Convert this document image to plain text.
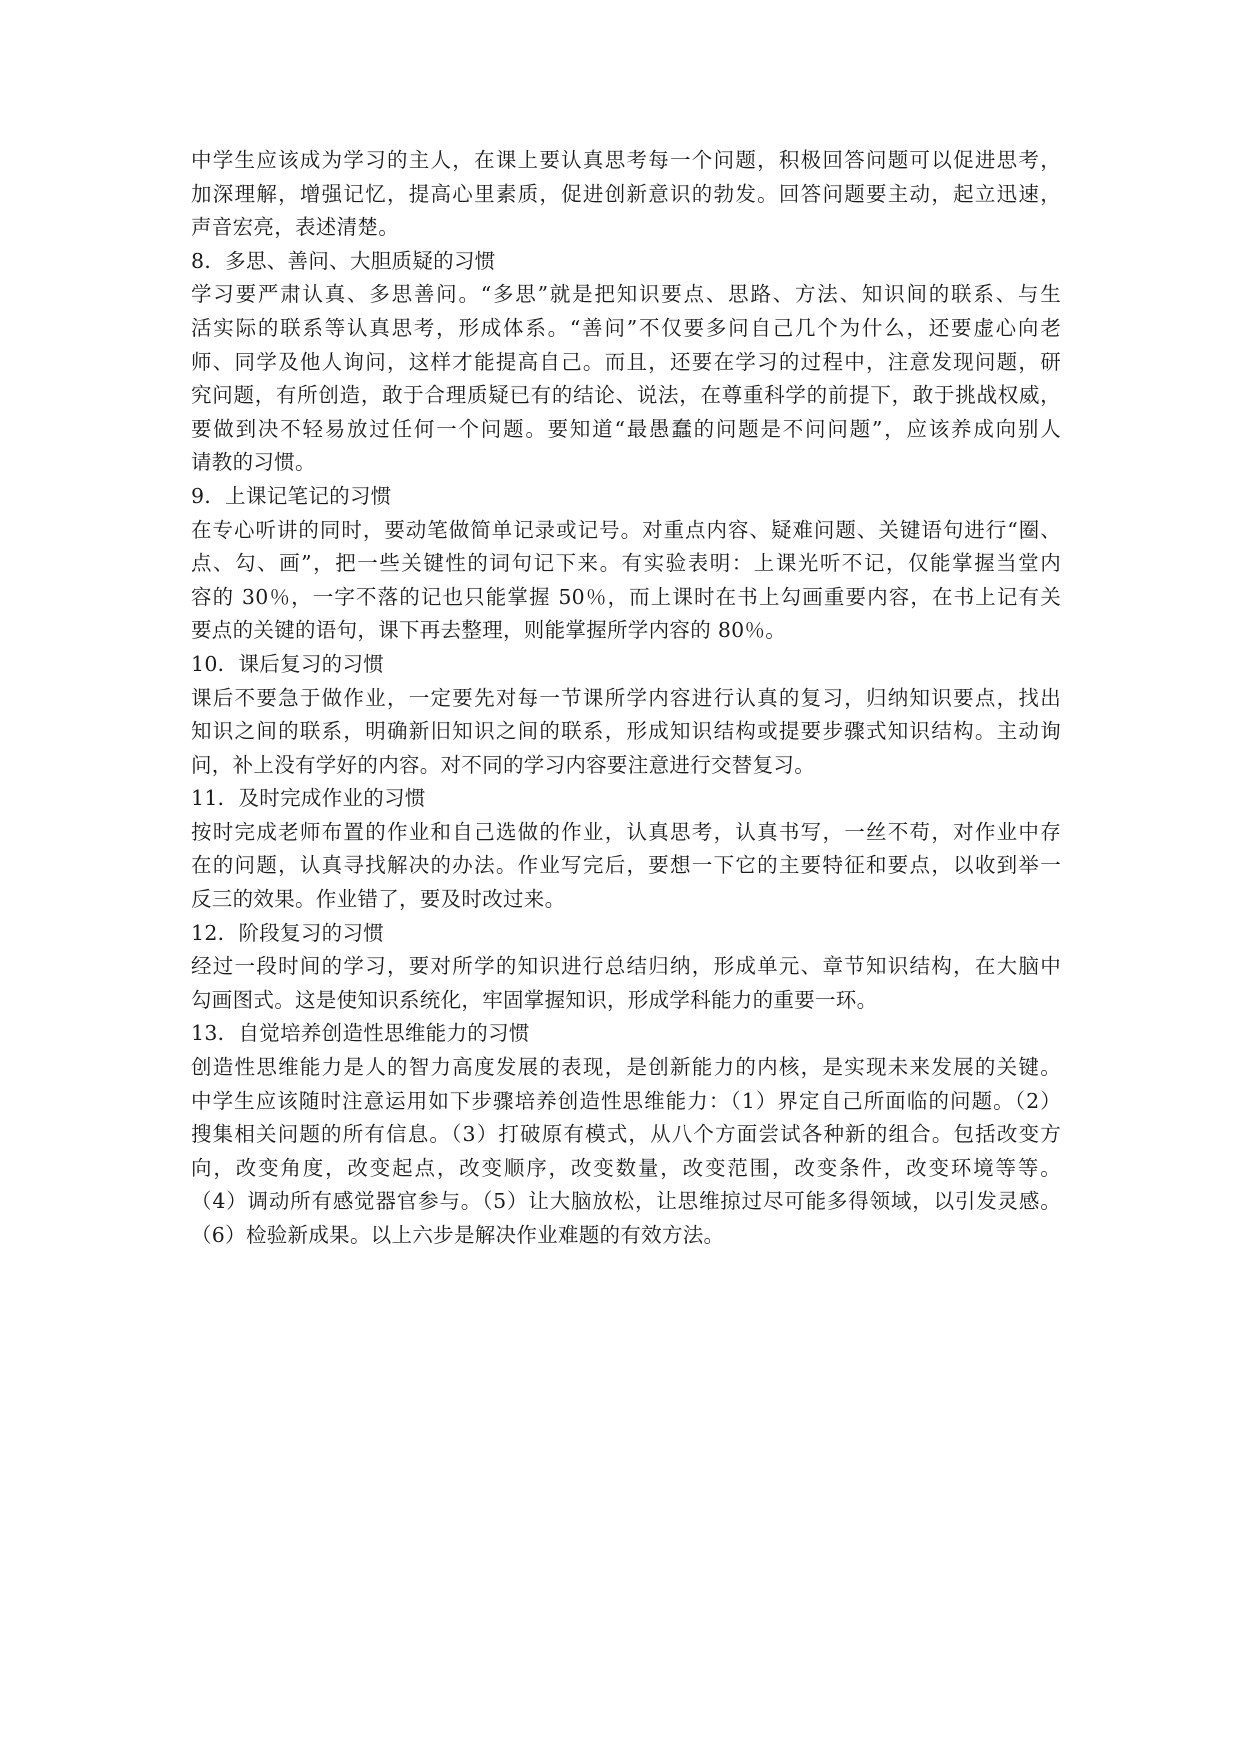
中学生应该成为学习的主人，在课上要认真思考每一个问题，积极回答问题可以促进思考，
加深理解，增强记忆，提高心里素质，促进创新意识的勃发。回答问题要主动，起立迅速，
声音宏亮，表述清楚。
8．多思、善问、大胆质疑的习惯
学习要严肃认真、多思善问。“多思”就是把知识要点、思路、方法、知识间的联系、与生
活实际的联系等认真思考，形成体系。“善问”不仅要多问自己几个为什么，还要虚心向老
师、同学及他人询问，这样才能提高自己。而且，还要在学习的过程中，注意发现问题，研
究问题，有所创造，敢于合理质疑已有的结论、说法，在尊重科学的前提下，敢于挑战权威，
要做到决不轻易放过任何一个问题。要知道“最愚蠢的问题是不问问题”，应该养成向别人
请教的习惯。
9．上课记笔记的习惯
在专心听讲的同时，要动笔做简单记录或记号。对重点内容、疑难问题、关键语句进行“圈、
点、勾、画”，把一些关键性的词句记下来。有实验表明：上课光听不记，仅能掌握当堂内
容的 30％，一字不落的记也只能掌握 50％，而上课时在书上勾画重要内容，在书上记有关
要点的关键的语句，课下再去整理，则能掌握所学内容的 80％。
10．课后复习的习惯
课后不要急于做作业，一定要先对每一节课所学内容进行认真的复习，归纳知识要点，找出
知识之间的联系，明确新旧知识之间的联系，形成知识结构或提要步骤式知识结构。主动询
问，补上没有学好的内容。对不同的学习内容要注意进行交替复习。
11．及时完成作业的习惯
按时完成老师布置的作业和自己选做的作业，认真思考，认真书写，一丝不苟，对作业中存
在的问题，认真寻找解决的办法。作业写完后，要想一下它的主要特征和要点，以收到举一
反三的效果。作业错了，要及时改过来。
12．阶段复习的习惯
经过一段时间的学习，要对所学的知识进行总结归纳，形成单元、章节知识结构，在大脑中
勾画图式。这是使知识系统化，牢固掌握知识，形成学科能力的重要一环。
13．自觉培养创造性思维能力的习惯
创造性思维能力是人的智力高度发展的表现，是创新能力的内核，是实现未来发展的关键。
中学生应该随时注意运用如下步骤培养创造性思维能力：（1）界定自己所面临的问题。（2）
搜集相关问题的所有信息。（3）打破原有模式，从八个方面尝试各种新的组合。包括改变方
向，改变角度，改变起点，改变顺序，改变数量，改变范围，改变条件，改变环境等等。
（4）调动所有感觉器官参与。（5）让大脑放松，让思维掠过尽可能多得领域，以引发灵感。
（6）检验新成果。以上六步是解决作业难题的有效方法。
